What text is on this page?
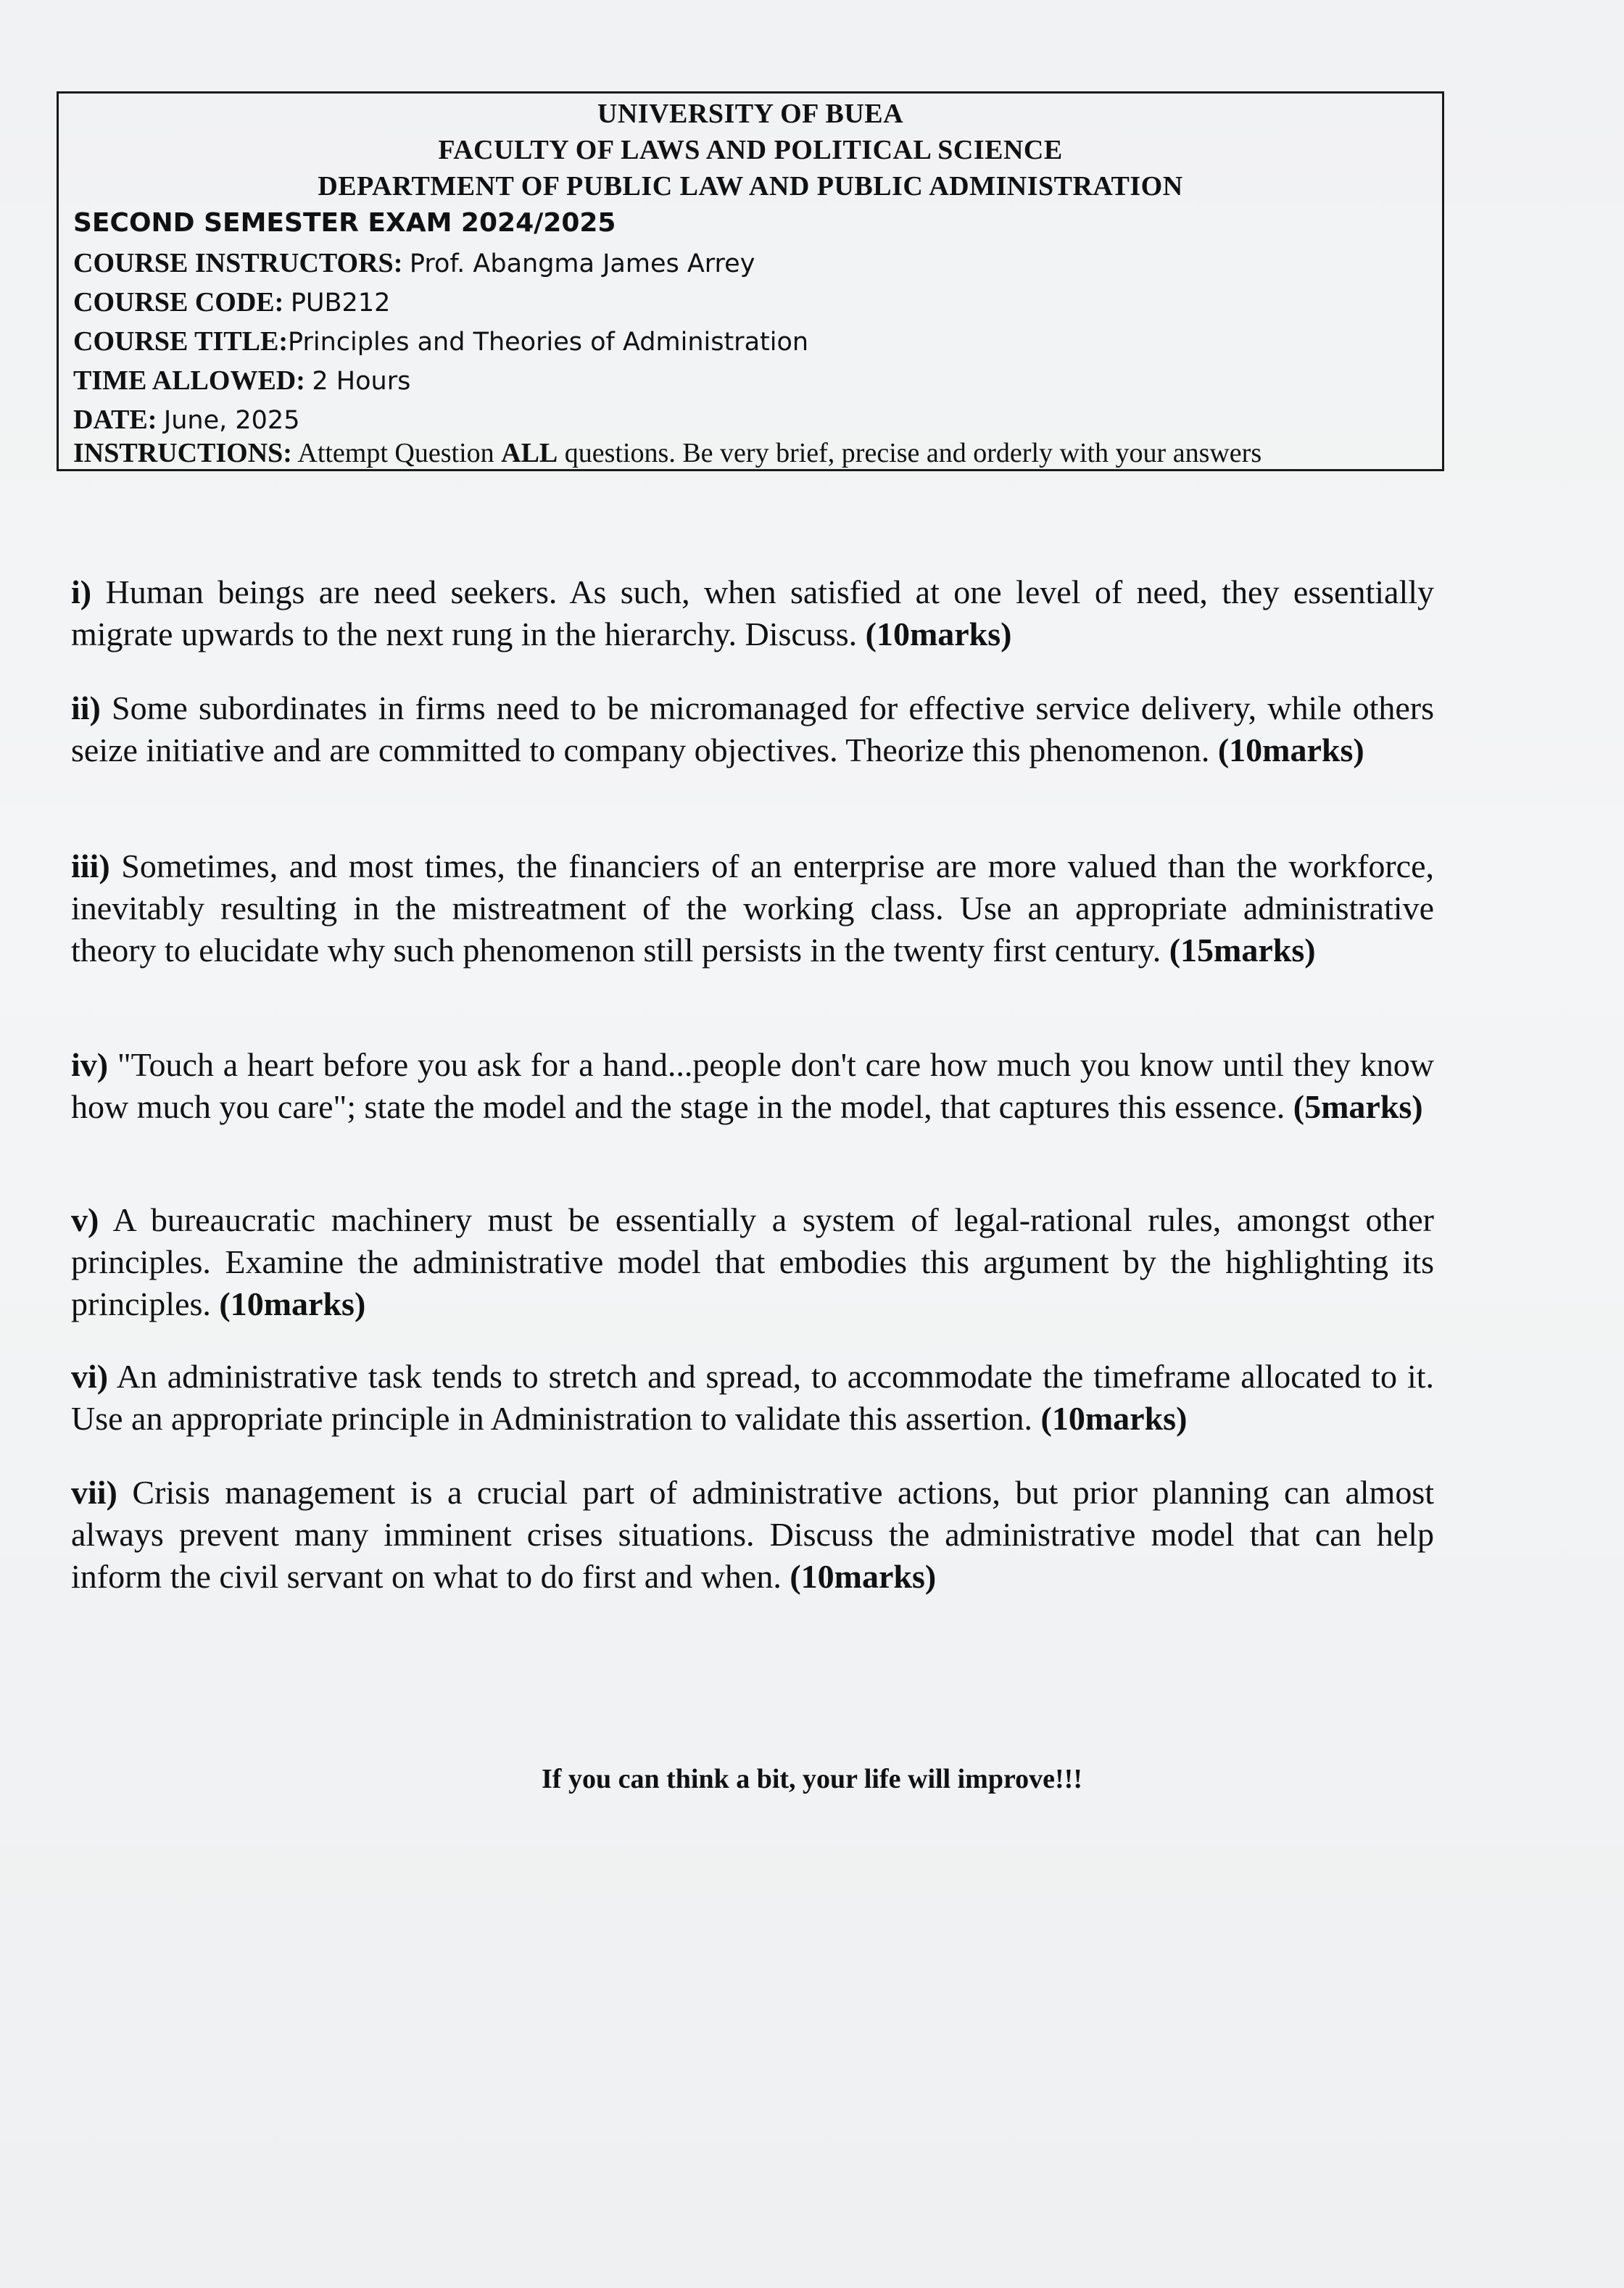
UNIVERSITY OF BUEA
FACULTY OF LAWS AND POLITICAL SCIENCE
DEPARTMENT OF PUBLIC LAW AND PUBLIC ADMINISTRATION
SECOND SEMESTER EXAM 2024/2025
COURSE INSTRUCTORS: Prof. Abangma James Arrey
COURSE CODE: PUB212
COURSE TITLE:Principles and Theories of Administration
TIME ALLOWED: 2 Hours
DATE: June, 2025
INSTRUCTIONS: Attempt Question ALL questions. Be very brief, precise and orderly with your answers
i) Human beings are need seekers. As such, when satisfied at one level of need, they essentially migrate upwards to the next rung in the hierarchy. Discuss. (10marks)
ii) Some subordinates in firms need to be micromanaged for effective service delivery, while others seize initiative and are committed to company objectives. Theorize this phenomenon. (10marks)
iii) Sometimes, and most times, the financiers of an enterprise are more valued than the workforce, inevitably resulting in the mistreatment of the working class. Use an appropriate administrative theory to elucidate why such phenomenon still persists in the twenty first century. (15marks)
iv) "Touch a heart before you ask for a hand...people don't care how much you know until they know how much you care"; state the model and the stage in the model, that captures this essence. (5marks)
v) A bureaucratic machinery must be essentially a system of legal-rational rules, amongst other principles. Examine the administrative model that embodies this argument by the highlighting its principles. (10marks)
vi) An administrative task tends to stretch and spread, to accommodate the timeframe allocated to it. Use an appropriate principle in Administration to validate this assertion. (10marks)
vii) Crisis management is a crucial part of administrative actions, but prior planning can almost always prevent many imminent crises situations. Discuss the administrative model that can help inform the civil servant on what to do first and when. (10marks)
If you can think a bit, your life will improve!!!
